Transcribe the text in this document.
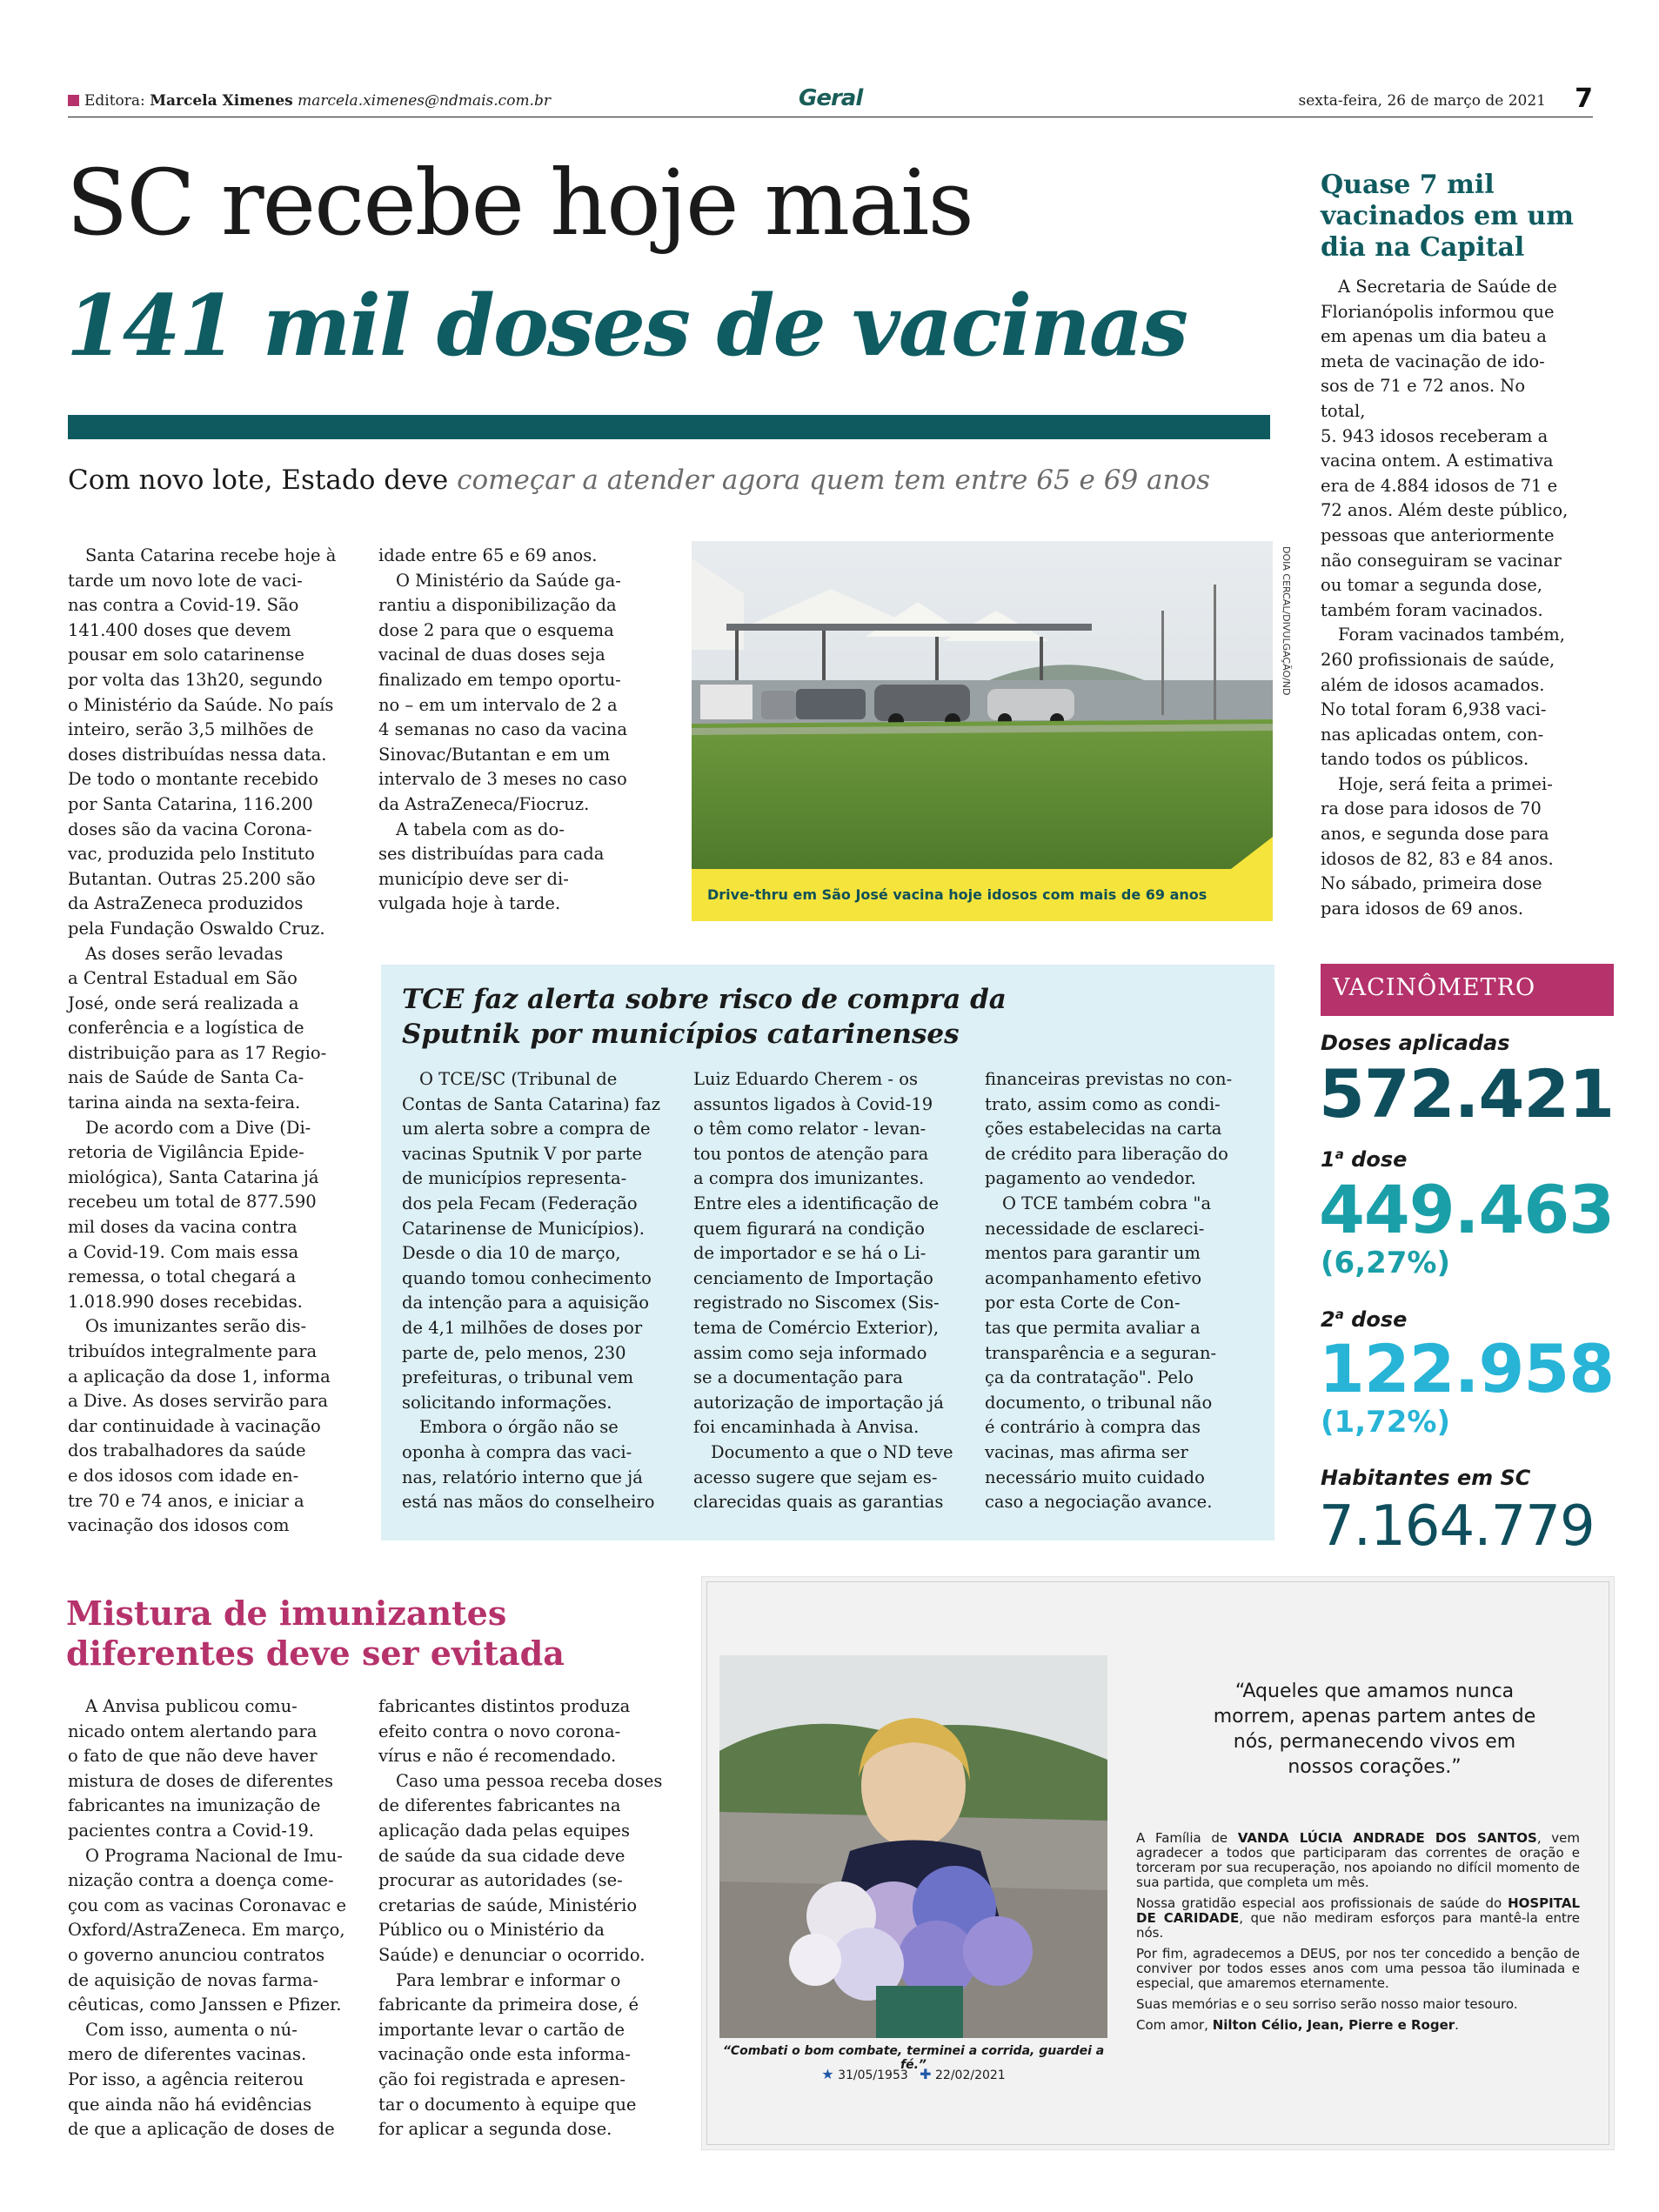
Editora: Marcela Ximenes marcela.ximenes@ndmais.com.br	Geral	sexta-feira, 26 de março de 2021 7
SC recebe hoje mais
141 mil doses de vacinas
Com novo lote, Estado deve começar a atender agora quem tem entre 65 e 69 anos

Santa Catarina recebe hoje à
tarde um novo lote de vaci-
nas contra a Covid-19. São
141.400 doses que devem
pousar em solo catarinense
por volta das 13h20, segundo
o Ministério da Saúde. No país
inteiro, serão 3,5 milhões de
doses distribuídas nessa data.
De todo o montante recebido
por Santa Catarina, 116.200
doses são da vacina Corona-
vac, produzida pelo Instituto
Butantan. Outras 25.200 são
da AstraZeneca produzidos
pela Fundação Oswaldo Cruz.

As doses serão levadas
a Central Estadual em São
José, onde será realizada a
conferência e a logística de
distribuição para as 17 Regio-
nais de Saúde de Santa Ca-
tarina ainda na sexta-feira.

De acordo com a Dive (Di-
retoria de Vigilância Epide-
miológica), Santa Catarina já
recebeu um total de 877.590
mil doses da vacina contra
a Covid-19. Com mais essa
remessa, o total chegará a
1.018.990 doses recebidas.

Os imunizantes serão dis-
tribuídos integralmente para
a aplicação da dose 1, informa
a Dive. As doses servirão para
dar continuidade à vacinação
dos trabalhadores da saúde
e dos idosos com idade en-
tre 70 e 74 anos, e iniciar a
vacinação dos idosos com

idade entre 65 e 69 anos.

O Ministério da Saúde ga-
rantiu a disponibilização da
dose 2 para que o esquema
vacinal de duas doses seja
finalizado em tempo oportu-
no – em um intervalo de 2 a
4 semanas no caso da vacina
Sinovac/Butantan e em um
intervalo de 3 meses no caso
da AstraZeneca/Fiocruz.

A tabela com as do-
ses distribuídas para cada
município deve ser di-
vulgada hoje à tarde.	Drive-thru em São José vacina hoje idosos com mais de 69 anos
DOIA CERCAL/DIVULGAÇÃO/ND
Quase 7 mil
vacinados em um
dia na Capital

A Secretaria de Saúde de
Florianópolis informou que
em apenas um dia bateu a
meta de vacinação de ido-
sos de 71 e 72 anos. No total,
5. 943 idosos receberam a
vacina ontem. A estimativa
era de 4.884 idosos de 71 e
72 anos. Além deste público,
pessoas que anteriormente
não conseguiram se vacinar
ou tomar a segunda dose,
também foram vacinados.

Foram vacinados também,
260 profissionais de saúde,
além de idosos acamados.
No total foram 6,938 vaci-
nas aplicadas ontem, con-
tando todos os públicos.

Hoje, será feita a primei-
ra dose para idosos de 70
anos, e segunda dose para
idosos de 82, 83 e 84 anos.
No sábado, primeira dose
para idosos de 69 anos.

VACINÔMETRO
Doses aplicadas
572.421
1$^a$ dose
449.463
(6,27%)
2$^a$ dose
122.958
(1,72%)
Habitantes em SC
7.164.779
TCE faz alerta sobre risco de compra da
Sputnik por municípios catarinenses

O TCE/SC (Tribunal de
Contas de Santa Catarina) faz
um alerta sobre a compra de
vacinas Sputnik V por parte
de municípios representa-
dos pela Fecam (Federação
Catarinense de Municípios).
Desde o dia 10 de março,
quando tomou conhecimento
da intenção para a aquisição
de 4,1 milhões de doses por
parte de, pelo menos, 230
prefeituras, o tribunal vem
solicitando informações.

Embora o órgão não se
oponha à compra das vaci-
nas, relatório interno que já
está nas mãos do conselheiro

Luiz Eduardo Cherem - os
assuntos ligados à Covid-19
o têm como relator - levan-
tou pontos de atenção para
a compra dos imunizantes.
Entre eles a identificação de
quem figurará na condição
de importador e se há o Li-
cenciamento de Importação
registrado no Siscomex (Sis-
tema de Comércio Exterior),
assim como seja informado
se a documentação para
autorização de importação já
foi encaminhada à Anvisa.

Documento a que o ND teve
acesso sugere que sejam es-
clarecidas quais as garantias

financeiras previstas no con-
trato, assim como as condi-
ções estabelecidas na carta
de crédito para liberação do
pagamento ao vendedor.

O TCE também cobra "a
necessidade de esclareci-
mentos para garantir um
acompanhamento efetivo
por esta Corte de Con-
tas que permita avaliar a
transparência e a seguran-
ça da contratação". Pelo
documento, o tribunal não
é contrário à compra das
vacinas, mas afirma ser
necessário muito cuidado
caso a negociação avance.

Mistura de imunizantes
diferentes deve ser evitada

A Anvisa publicou comu-
nicado ontem alertando para
o fato de que não deve haver
mistura de doses de diferentes
fabricantes na imunização de
pacientes contra a Covid-19.

O Programa Nacional de Imu-
nização contra a doença come-
çou com as vacinas Coronavac e
Oxford/AstraZeneca. Em março,
o governo anunciou contratos
de aquisição de novas farma-
cêuticas, como Janssen e Pfizer.

Com isso, aumenta o nú-
mero de diferentes vacinas.
Por isso, a agência reiterou
que ainda não há evidências
de que a aplicação de doses de

fabricantes distintos produza
efeito contra o novo corona-
vírus e não é recomendado.

Caso uma pessoa receba doses
de diferentes fabricantes na
aplicação dada pelas equipes
de saúde da sua cidade deve
procurar as autoridades (se-
cretarias de saúde, Ministério
Público ou o Ministério da
Saúde) e denunciar o ocorrido.

Para lembrar e informar o
fabricante da primeira dose, é
importante levar o cartão de
vacinação onde esta informa-
ção foi registrada e apresen-
tar o documento à equipe que
for aplicar a segunda dose.

“Combati o bom combate, terminei a corrida, guardei a fé.”
★ 31/05/1953 ✚ 22/02/2021
“Aqueles que amamos nunca
morrem, apenas partem antes de
nós, permanecendo vivos em
nossos corações.”

A Família de VANDA LÚCIA ANDRADE DOS SANTOS, vem agradecer a todos que participaram das correntes de oração e torceram por sua recuperação, nos apoiando no difícil momento de sua partida, que completa um mês.

Nossa gratidão especial aos profissionais de saúde do HOSPITAL DE CARIDADE, que não mediram esforços para mantê-la entre nós.

Por fim, agradecemos a DEUS, por nos ter concedido a benção de conviver por todos esses anos com uma pessoa tão iluminada e especial, que amaremos eternamente.

Suas memórias e o seu sorriso serão nosso maior tesouro.

Com amor, Nilton Célio, Jean, Pierre e Roger.
